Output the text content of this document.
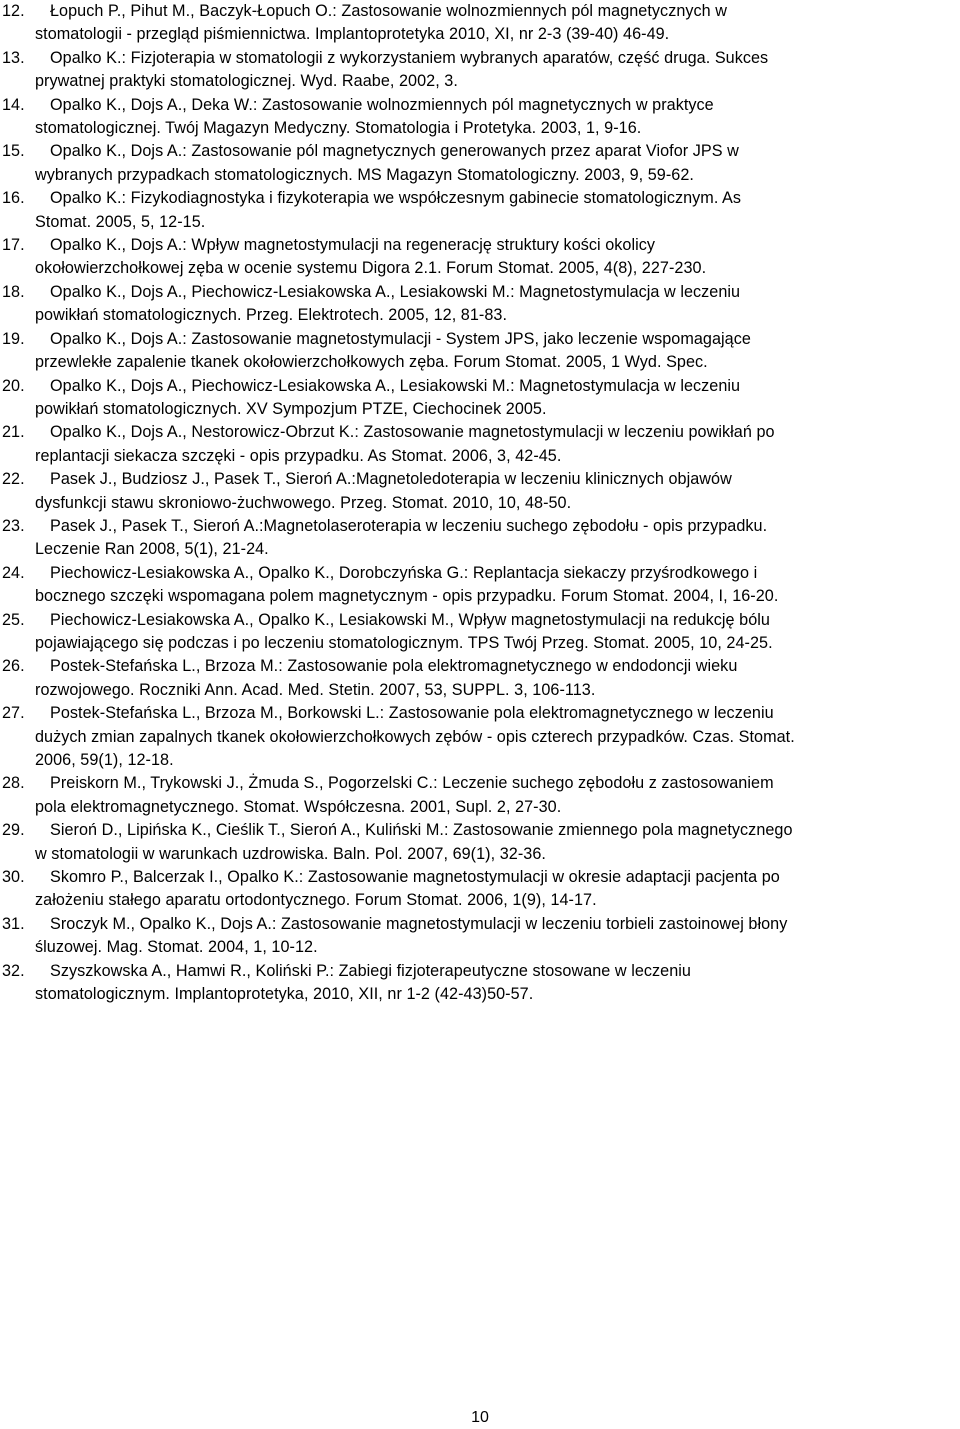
12.	Łopuch P., Pihut M., Baczyk-Łopuch O.: Zastosowanie wolnozmiennych pól magnetycznych w
stomatologii - przegląd piśmiennictwa. Implantoprotetyka 2010, XI, nr 2-3 (39-40) 46-49.
13.	Opalko K.: Fizjoterapia w stomatologii z wykorzystaniem wybranych aparatów, część druga. Sukces
prywatnej praktyki stomatologicznej. Wyd. Raabe, 2002, 3.
14.	Opalko K., Dojs A., Deka W.: Zastosowanie wolnozmiennych pól magnetycznych w praktyce
stomatologicznej. Twój Magazyn Medyczny. Stomatologia i Protetyka. 2003, 1, 9-16.
15.	Opalko K., Dojs A.: Zastosowanie pól magnetycznych generowanych przez aparat Viofor JPS w
wybranych przypadkach stomatologicznych. MS Magazyn Stomatologiczny. 2003, 9, 59-62.
16.	Opalko K.: Fizykodiagnostyka i fizykoterapia we współczesnym gabinecie stomatologicznym. As
Stomat. 2005, 5, 12-15.
17.	Opalko K., Dojs A.: Wpływ magnetostymulacji na regenerację struktury kości okolicy
okołowierzchołkowej zęba w ocenie systemu Digora 2.1. Forum Stomat. 2005, 4(8), 227-230.
18.	Opalko K., Dojs A., Piechowicz-Lesiakowska A., Lesiakowski M.: Magnetostymulacja w leczeniu
powikłań stomatologicznych. Przeg. Elektrotech. 2005, 12, 81-83.
19.	Opalko K., Dojs A.: Zastosowanie magnetostymulacji - System JPS, jako leczenie wspomagające
przewlekłe zapalenie tkanek okołowierzchołkowych zęba. Forum Stomat. 2005, 1 Wyd. Spec.
20.	Opalko K., Dojs A., Piechowicz-Lesiakowska A., Lesiakowski M.: Magnetostymulacja w leczeniu
powikłań stomatologicznych. XV Sympozjum PTZE, Ciechocinek 2005.
21.	Opalko K., Dojs A., Nestorowicz-Obrzut K.: Zastosowanie magnetostymulacji w leczeniu powikłań po
replantacji siekacza szczęki - opis przypadku. As Stomat. 2006, 3, 42-45.
22.	Pasek J., Budziosz J., Pasek T., Sieroń A.:Magnetoledoterapia w leczeniu klinicznych objawów
dysfunkcji stawu skroniowo-żuchwowego. Przeg. Stomat. 2010, 10, 48-50.
23.	Pasek J., Pasek T., Sieroń A.:Magnetolaseroterapia w leczeniu suchego zębodołu - opis przypadku.
Leczenie Ran 2008, 5(1), 21-24.
24.	Piechowicz-Lesiakowska A., Opalko K., Dorobczyńska G.: Replantacja siekaczy przyśrodkowego i
bocznego szczęki wspomagana polem magnetycznym - opis przypadku. Forum Stomat. 2004, I, 16-20.
25.	Piechowicz-Lesiakowska A., Opalko K., Lesiakowski M., Wpływ magnetostymulacji na redukcję bólu
pojawiającego się podczas i po leczeniu stomatologicznym. TPS Twój Przeg. Stomat. 2005, 10, 24-25.
26.	Postek-Stefańska L., Brzoza M.: Zastosowanie pola elektromagnetycznego w endodoncji wieku
rozwojowego. Roczniki Ann. Acad. Med. Stetin. 2007, 53, SUPPL. 3, 106-113.
27.	Postek-Stefańska L., Brzoza M., Borkowski L.: Zastosowanie pola elektromagnetycznego w leczeniu
dużych zmian zapalnych tkanek okołowierzchołkowych zębów - opis czterech przypadków. Czas. Stomat.
2006, 59(1), 12-18.
28.	Preiskorn M., Trykowski J., Żmuda S., Pogorzelski C.: Leczenie suchego zębodołu z zastosowaniem
pola elektromagnetycznego. Stomat. Współczesna. 2001, Supl. 2, 27-30.
29.	Sieroń D., Lipińska K., Cieślik T., Sieroń A., Kuliński M.: Zastosowanie zmiennego pola magnetycznego
w stomatologii w warunkach uzdrowiska. Baln. Pol. 2007, 69(1), 32-36.
30.	Skomro P., Balcerzak I., Opalko K.: Zastosowanie magnetostymulacji w okresie adaptacji pacjenta po
założeniu stałego aparatu ortodontycznego. Forum Stomat. 2006, 1(9), 14-17.
31.	Sroczyk M., Opalko K., Dojs A.: Zastosowanie magnetostymulacji w leczeniu torbieli zastoinowej błony
śluzowej. Mag. Stomat. 2004, 1, 10-12.
32.	Szyszkowska A., Hamwi R., Koliński P.: Zabiegi fizjoterapeutyczne stosowane w leczeniu
stomatologicznym. Implantoprotetyka, 2010, XII, nr 1-2 (42-43)50-57.
10
